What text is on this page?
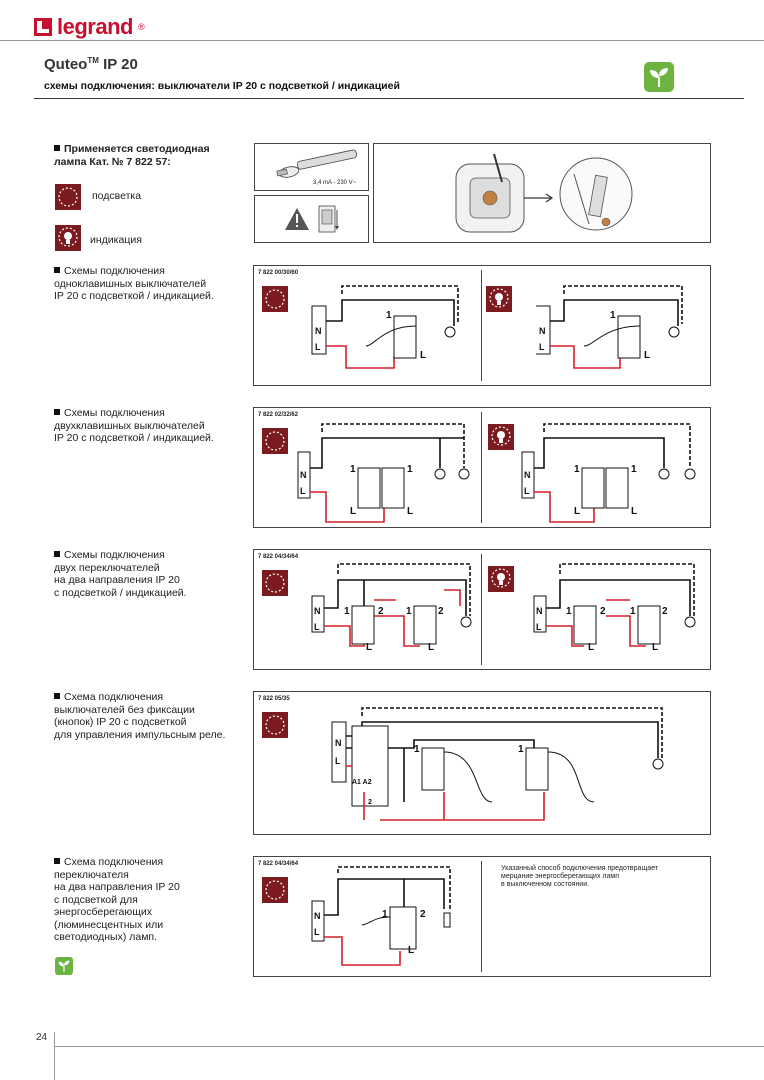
legrand ®
Quteo™ IP 20
схемы подключения: выключатели IP 20 с подсветкой / индикацией
Применяется светодиодная
лампа Кат. № 7 822 57:
подсветка
индикация
3,4 mA - 230 V~
Схемы подключения
одноклавишных выключателей
IP 20 с подсветкой / индикацией.
Схемы подключения
двухклавишных выключателей
IP 20 с подсветкой / индикацией.
Схемы подключения
двух переключателей
на два направления IP 20
с подсветкой / индикацией.
Схема подключения
выключателей без фиксации
(кнопок) IP 20 с подсветкой
для управления импульсным реле.
Схема подключения
переключателя
на два направления IP 20
с подсветкой для
энергосберегающих
(люминесцентных или
светодиодных) ламп.
7 822 00/30/60
N
L
L
1
N
L
L
1
7 822 02/32/62
N
L
1	1
L	L
N
L
1	1
L	L
7 822 04/34/64
N
L
1	2 1	2
L	L
N
L
1	2 1	2
L	L
7 822 05/35
N
L
A1 A2
2
1	1
7 822 04/34/64
Указанный способ подключения предотвращает
мерцание энергосберегающих ламп
в выключенном состоянии.
N
L
1	2
L
24
